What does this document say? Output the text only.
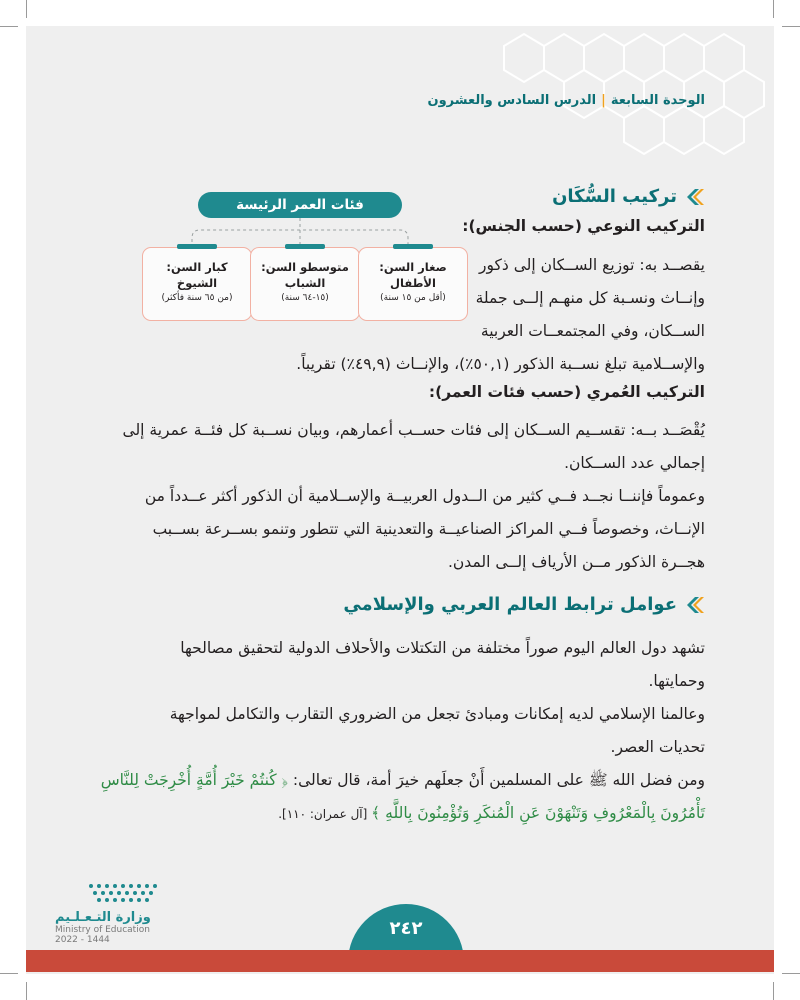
الوحدة السابعة|الدرس السادس والعشرون
تركيب السُّكَان
فئات العمر الرئيسة
كبار السن:
الشيوخ
(من ٦٥ سنة فأكثر)
متوسطو السن:
الشباب
(١٥-٦٤ سنة)
صغار السن:
الأطفال
(أقل من ١٥ سنة)
التركيب النوعي (حسب الجنس):
يقصــد به: توزيع الســكان إلى ذكور
وإنــاث ونسـبة كل منهـم إلــى جملة
الســكان، وفي المجتمعــات العربية
والإســلامية تبلغ نســبة الذكور (٥٠,١٪)، والإنــاث (٤٩,٩٪) تقريباً.
التركيب العُمري (حسب فئات العمر):
يُقْصَــد بــه: تقســيم الســكان إلى فئات حســب أعمارهم، وبيان نســبة كل فئــة عمرية إلى
إجمالي عدد الســكان.
وعموماً فإننــا نجــد فــي كثير من الــدول العربيــة والإســلامية أن الذكور أكثر عــدداً من
الإنــاث، وخصوصاً فــي المراكز الصناعيــة والتعدينية التي تتطور وتنمو بســرعة بســبب
هجــرة الذكور مــن الأرياف إلــى المدن.
عوامل ترابط العالم العربي والإسلامي
تشهد دول العالم اليوم صوراً مختلفة من التكتلات والأحلاف الدولية لتحقيق مصالحها
وحمايتها.
وعالمنا الإسلامي لديه إمكانات ومبادئ تجعل من الضروري التقارب والتكامل لمواجهة
تحديات العصر.
ومن فضل الله ﷺ على المسلمين أَنْ جعلَهم خيرَ أمة، قال تعالى: ﴿ كُنتُمْ خَيْرَ أُمَّةٍ أُخْرِجَتْ لِلنَّاسِ
تَأْمُرُونَ بِالْمَعْرُوفِ وَتَنْهَوْنَ عَنِ الْمُنكَرِ وَتُؤْمِنُونَ بِاللَّهِ ﴾ [آل عمران: ١١٠].
وزارة التـعـلـيم
Ministry of Education
2022 - 1444
٢٤٢
